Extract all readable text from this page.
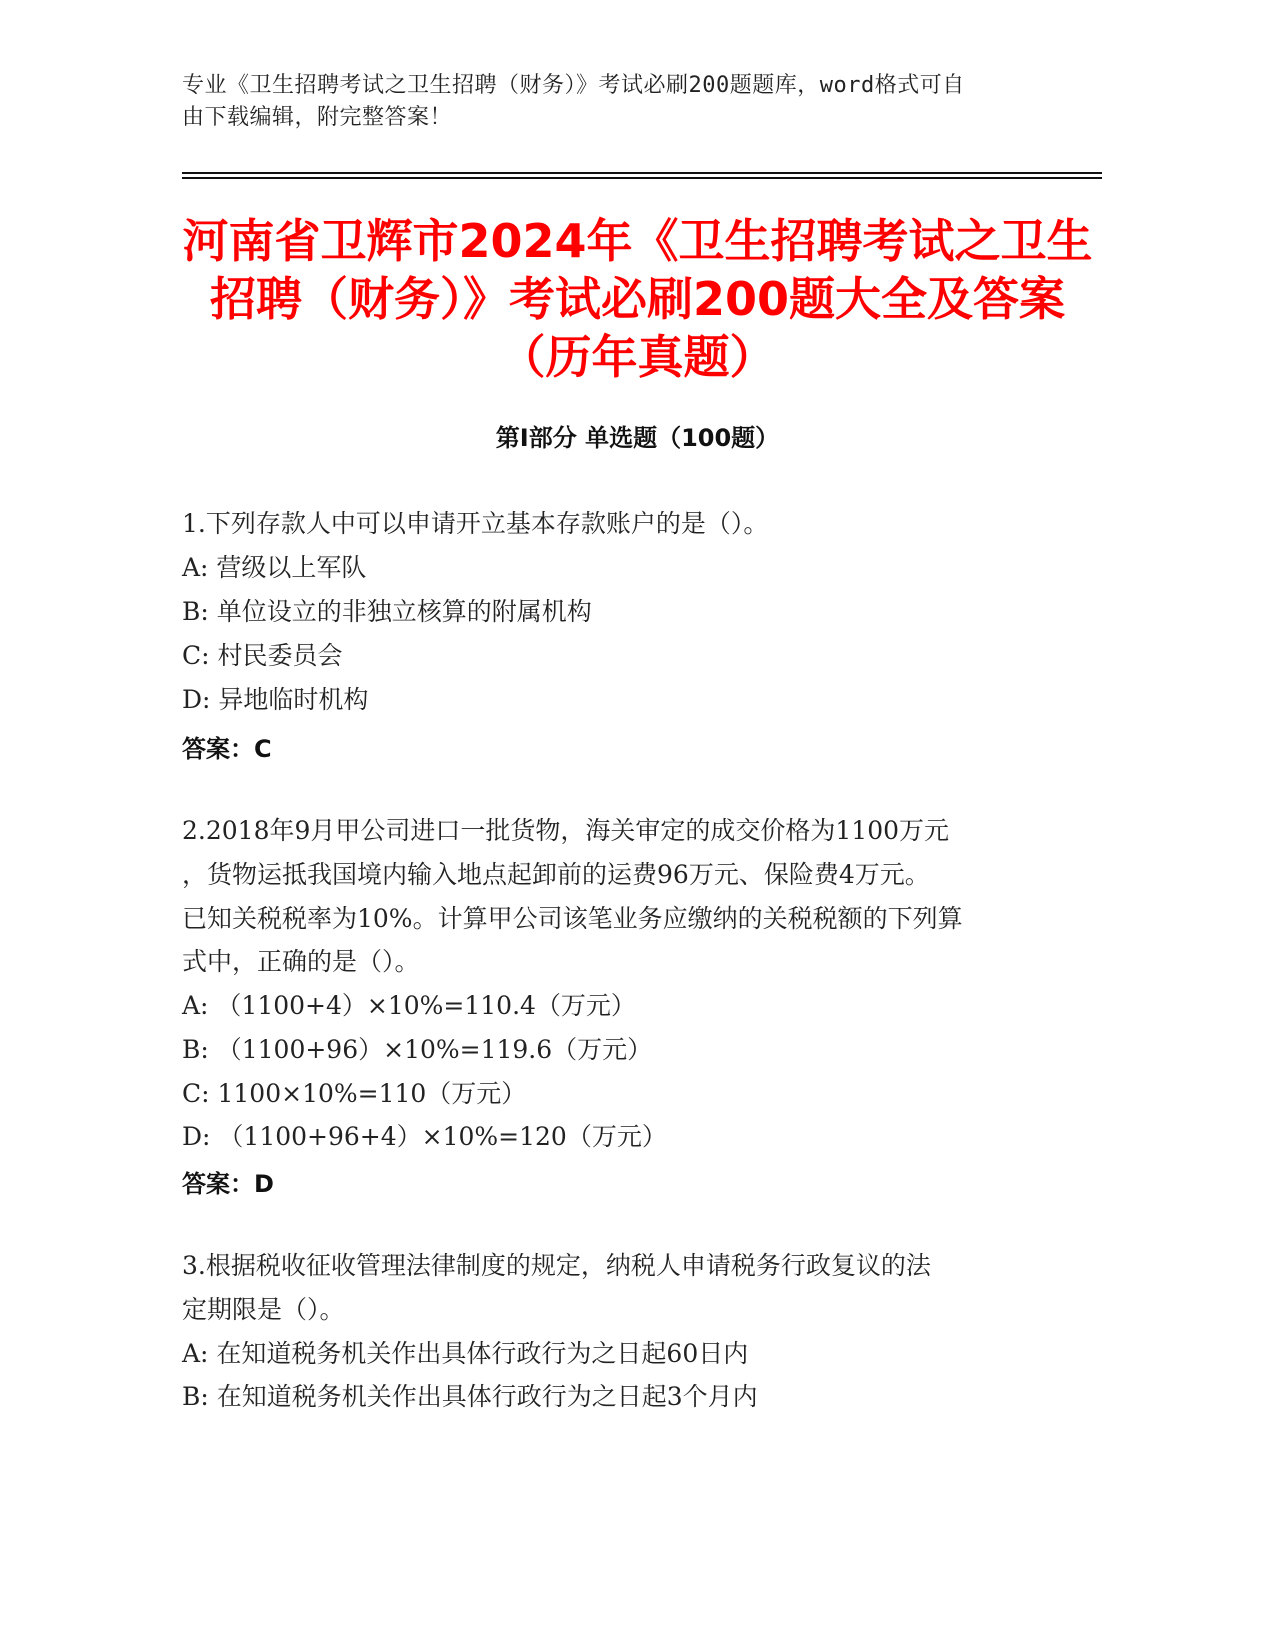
专业《卫生招聘考试之卫生招聘（财务）》考试必刷200题题库，word格式可自
由下载编辑，附完整答案！
河南省卫辉市2024年《卫生招聘考试之卫生
招聘（财务）》考试必刷200题大全及答案
（历年真题）
第Ⅰ部分 单选题（100题）
1.下列存款人中可以申请开立基本存款账户的是（）。
A: 营级以上军队
B: 单位设立的非独立核算的附属机构
C: 村民委员会
D: 异地临时机构
答案：C
2.2018年9月甲公司进口一批货物，海关审定的成交价格为1100万元
，货物运抵我国境内输入地点起卸前的运费96万元、保险费4万元。
已知关税税率为10%。计算甲公司该笔业务应缴纳的关税税额的下列算
式中，正确的是（）。
A: （1100+4）×10%=110.4（万元）
B: （1100+96）×10%=119.6（万元）
C: 1100×10%=110（万元）
D: （1100+96+4）×10%=120（万元）
答案：D
3.根据税收征收管理法律制度的规定，纳税人申请税务行政复议的法
定期限是（）。
A: 在知道税务机关作出具体行政行为之日起60日内
B: 在知道税务机关作出具体行政行为之日起3个月内
